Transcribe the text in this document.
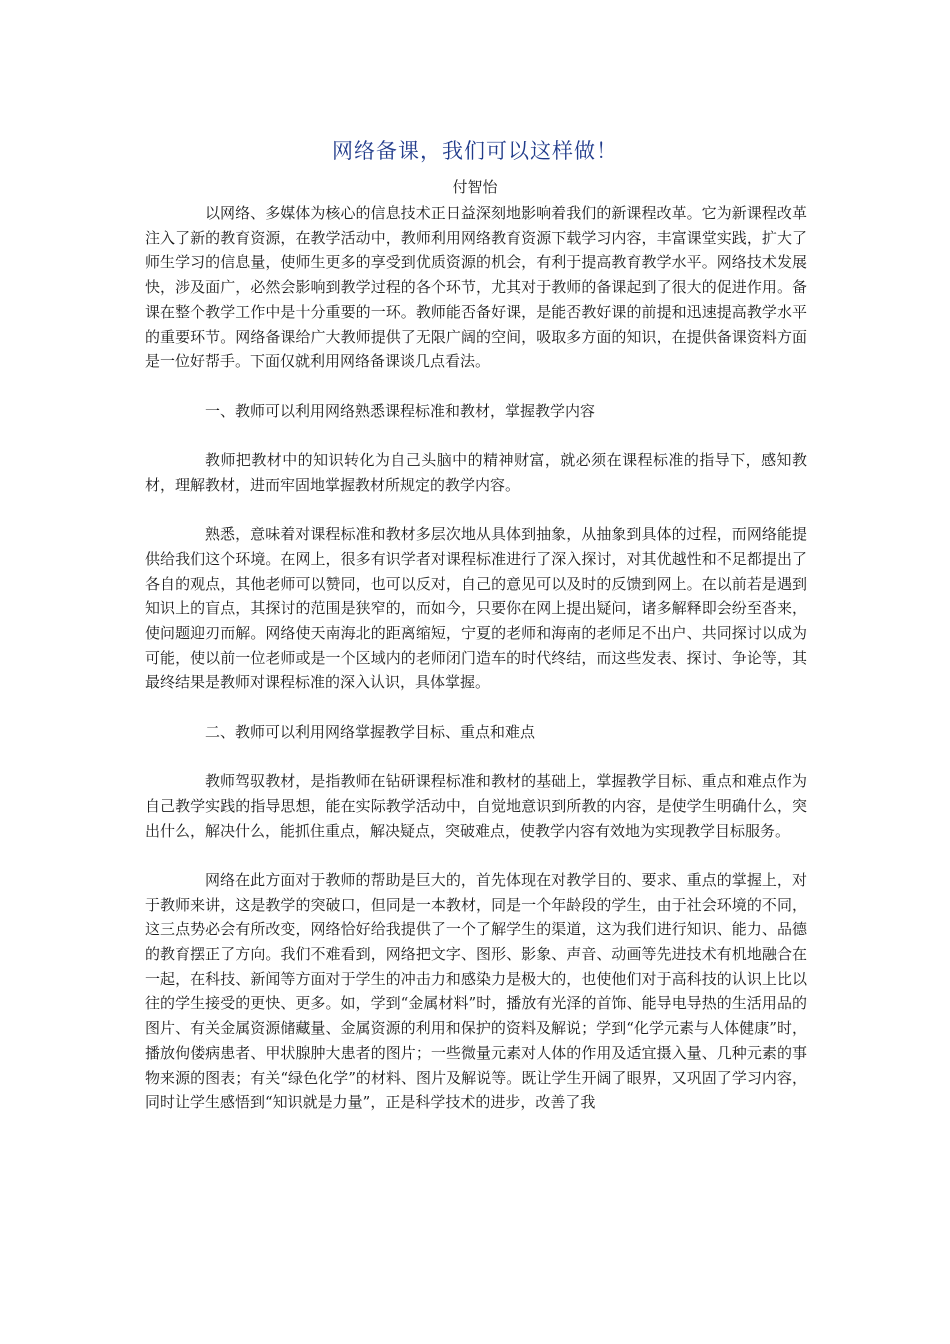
网络备课，我们可以这样做！
付智怡

以网络、多媒体为核心的信息技术正日益深刻地影响着我们的新课程改革。它为新课程改革注入了新的教育资源，在教学活动中，教师利用网络教育资源下载学习内容，丰富课堂实践，扩大了师生学习的信息量，使师生更多的享受到优质资源的机会，有利于提高教育教学水平。网络技术发展快，涉及面广，必然会影响到教学过程的各个环节，尤其对于教师的备课起到了很大的促进作用。备课在整个教学工作中是十分重要的一环。教师能否备好课，是能否教好课的前提和迅速提高教学水平的重要环节。网络备课给广大教师提供了无限广阔的空间，吸取多方面的知识，在提供备课资料方面是一位好帮手。下面仅就利用网络备课谈几点看法。

一、教师可以利用网络熟悉课程标准和教材，掌握教学内容

教师把教材中的知识转化为自己头脑中的精神财富，就必须在课程标准的指导下，感知教材，理解教材，进而牢固地掌握教材所规定的教学内容。

熟悉，意味着对课程标准和教材多层次地从具体到抽象，从抽象到具体的过程，而网络能提供给我们这个环境。在网上，很多有识学者对课程标准进行了深入探讨，对其优越性和不足都提出了各自的观点，其他老师可以赞同，也可以反对，自己的意见可以及时的反馈到网上。在以前若是遇到知识上的盲点，其探讨的范围是狭窄的，而如今，只要你在网上提出疑问，诸多解释即会纷至沓来，使问题迎刃而解。网络使天南海北的距离缩短，宁夏的老师和海南的老师足不出户、共同探讨以成为可能，使以前一位老师或是一个区域内的老师闭门造车的时代终结，而这些发表、探讨、争论等，其最终结果是教师对课程标准的深入认识，具体掌握。

二、教师可以利用网络掌握教学目标、重点和难点

教师驾驭教材，是指教师在钻研课程标准和教材的基础上，掌握教学目标、重点和难点作为自己教学实践的指导思想，能在实际教学活动中，自觉地意识到所教的内容，是使学生明确什么，突出什么，解决什么，能抓住重点，解决疑点，突破难点，使教学内容有效地为实现教学目标服务。

网络在此方面对于教师的帮助是巨大的，首先体现在对教学目的、要求、重点的掌握上，对于教师来讲，这是教学的突破口，但同是一本教材，同是一个年龄段的学生，由于社会环境的不同，这三点势必会有所改变，网络恰好给我提供了一个了解学生的渠道，这为我们进行知识、能力、品德的教育摆正了方向。我们不难看到，网络把文字、图形、影象、声音、动画等先进技术有机地融合在一起，在科技、新闻等方面对于学生的冲击力和感染力是极大的，也使他们对于高科技的认识上比以往的学生接受的更快、更多。如，学到“金属材料”时，播放有光泽的首饰、能导电导热的生活用品的图片、有关金属资源储藏量、金属资源的利用和保护的资料及解说；学到“化学元素与人体健康”时，播放佝偻病患者、甲状腺肿大患者的图片；一些微量元素对人体的作用及适宜摄入量、几种元素的事物来源的图表；有关“绿色化学”的材料、图片及解说等。既让学生开阔了眼界，又巩固了学习内容，同时让学生感悟到“知识就是力量”，正是科学技术的进步，改善了我
